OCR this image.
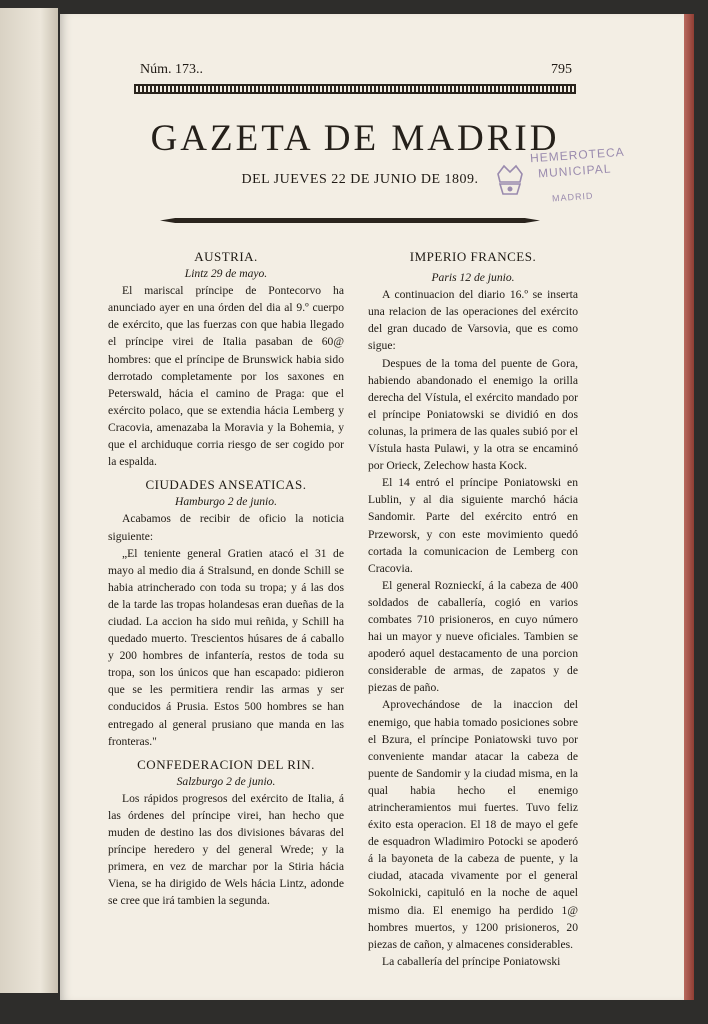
Núm. 173..	795
GAZETA DE MADRID
DEL JUEVES 22 DE JUNIO DE 1809.
HEMEROTECA
MUNICIPAL
MADRID

AUSTRIA.

Lintz 29 de mayo.

El mariscal príncipe de Pontecorvo ha anunciado ayer en una órden del dia al 9.º cuerpo de exército, que las fuerzas con que habia llegado el príncipe virei de Italia pasaban de 60@ hombres: que el príncipe de Brunswick habia sido derrotado completamente por los saxones en Peterswald, hácia el camino de Praga: que el exército polaco, que se extendia hácia Lemberg y Cracovia, amenazaba la Moravia y la Bohemia, y que el archiduque corria riesgo de ser cogido por la espalda.

CIUDADES ANSEATICAS.

Hamburgo 2 de junio.

Acabamos de recibir de oficio la noticia siguiente:

„El teniente general Gratien atacó el 31 de mayo al medio dia á Stralsund, en donde Schill se habia atrincherado con toda su tropa; y á las dos de la tarde las tropas holandesas eran dueñas de la ciudad. La accion ha sido mui reñida, y Schill ha quedado muerto. Trescientos húsares de á caballo y 200 hombres de infantería, restos de toda su tropa, son los únicos que han escapado: pidieron que se les permitiera rendir las armas y ser conducidos á Prusia. Estos 500 hombres se han entregado al general prusiano que manda en las fronteras."

CONFEDERACION DEL RIN.

Salzburgo 2 de junio.

Los rápidos progresos del exército de Italia, á las órdenes del príncipe virei, han hecho que muden de destino las dos divisiones bávaras del príncipe heredero y del general Wrede; y la primera, en vez de marchar por la Stiria hácia Viena, se ha dirigido de Wels hácia Lintz, adonde se cree que irá tambien la segunda.

IMPERIO FRANCES.

Paris 12 de junio.

A continuacion del diario 16.º se inserta una relacion de las operaciones del exército del gran ducado de Varsovia, que es como sigue:

Despues de la toma del puente de Gora, habiendo abandonado el enemigo la orilla derecha del Vístula, el exército mandado por el príncipe Poniatowski se dividió en dos colunas, la primera de las quales subió por el Vístula hasta Pulawi, y la otra se encaminó por Orieck, Zelechow hasta Kock.

El 14 entró el príncipe Poniatowski en Lublin, y al dia siguiente marchó hácia Sandomir. Parte del exército entró en Przeworsk, y con este movimiento quedó cortada la comunicacion de Lemberg con Cracovia.

El general Roznieckí, á la cabeza de 400 soldados de caballería, cogió en varios combates 710 prisioneros, en cuyo número hai un mayor y nueve oficiales. Tambien se apoderó aquel destacamento de una porcion considerable de armas, de zapatos y de piezas de paño.

Aprovechándose de la inaccion del enemigo, que habia tomado posiciones sobre el Bzura, el príncipe Poniatowski tuvo por conveniente mandar atacar la cabeza de puente de Sandomir y la ciudad misma, en la qual habia hecho el enemigo atrincheramientos mui fuertes. Tuvo feliz éxito esta operacion. El 18 de mayo el gefe de esquadron Wladimiro Potocki se apoderó á la bayoneta de la cabeza de puente, y la ciudad, atacada vivamente por el general Sokolnicki, capituló en la noche de aquel mismo dia. El enemigo ha perdido 1@ hombres muertos, y 1200 prisioneros, 20 piezas de cañon, y almacenes considerables.

La caballería del príncipe Poniatowski
